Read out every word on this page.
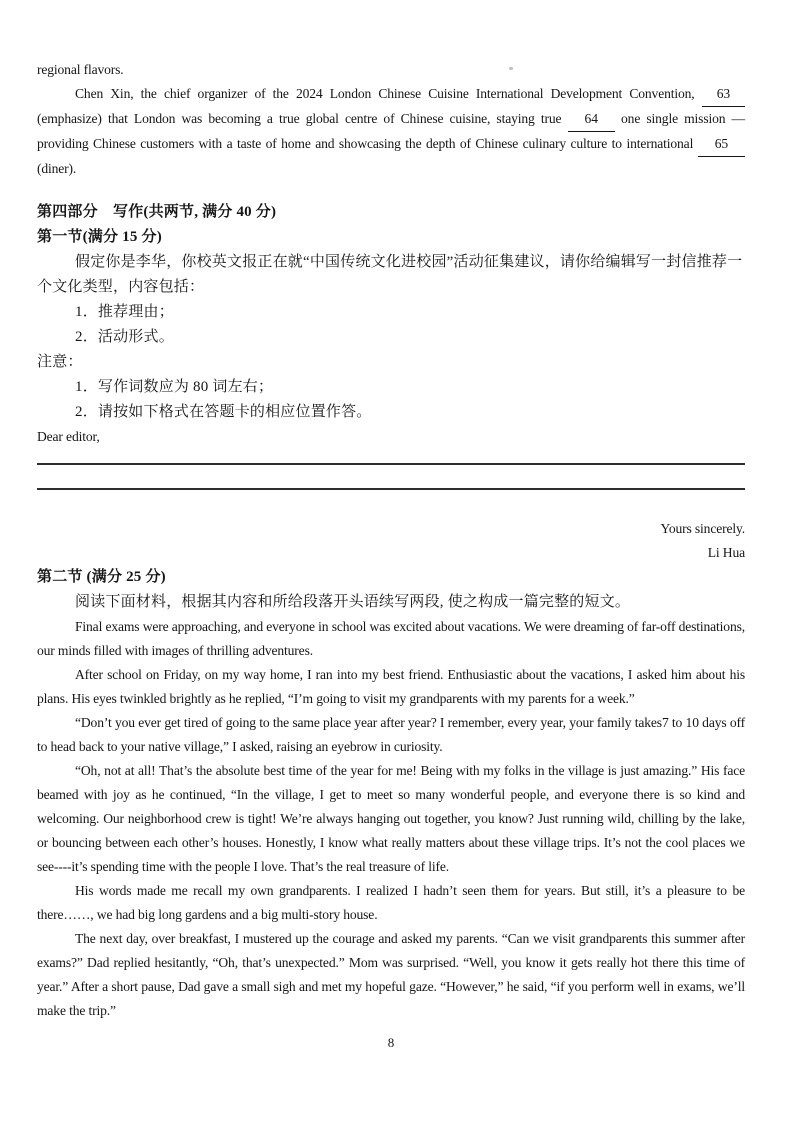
regional flavors.

Chen Xin, the chief organizer of the 2024 London Chinese Cuisine International Development Convention, 63(emphasize) that London was becoming a true global centre of Chinese cuisine, staying true 64 one single mission — providing Chinese customers with a taste of home and showcasing the depth of Chinese culinary culture to international 65(diner).

第四部分　写作(共两节, 满分 40 分)

第一节(满分 15 分)

假定你是李华，你校英文报正在就“中国传统文化进校园”活动征集建议，请你给编辑写一封信推荐一个文化类型，内容包括：

1．推荐理由；

2．活动形式。

注意：

1．写作词数应为 80 词左右；

2．请按如下格式在答题卡的相应位置作答。

Dear editor,

Yours sincerely.

Li Hua

第二节 (满分 25 分)

阅读下面材料，根据其内容和所给段落开头语续写两段, 使之构成一篇完整的短文。

Final exams were approaching, and everyone in school was excited about vacations. We were dreaming of far-off destinations, our minds filled with images of thrilling adventures.

After school on Friday, on my way home, I ran into my best friend. Enthusiastic about the vacations, I asked him about his plans. His eyes twinkled brightly as he replied, “I’m going to visit my grandparents with my parents for a week.”

“Don’t you ever get tired of going to the same place year after year? I remember, every year, your family takes7 to 10 days off to head back to your native village,” I asked, raising an eyebrow in curiosity.

“Oh, not at all! That’s the absolute best time of the year for me! Being with my folks in the village is just amazing.” His face beamed with joy as he continued, “In the village, I get to meet so many wonderful people, and everyone there is so kind and welcoming. Our neighborhood crew is tight! We’re always hanging out together, you know? Just running wild, chilling by the lake, or bouncing between each other’s houses. Honestly, I know what really matters about these village trips. It’s not the cool places we see----it’s spending time with the people I love. That’s the real treasure of life.

His words made me recall my own grandparents. I realized I hadn’t seen them for years. But still, it’s a pleasure to be there……, we had big long gardens and a big multi-story house.

The next day, over breakfast, I mustered up the courage and asked my parents. “Can we visit grandparents this summer after exams?” Dad replied hesitantly, “Oh, that’s unexpected.” Mom was surprised. “Well, you know it gets really hot there this time of year.” After a short pause, Dad gave a small sigh and met my hopeful gaze. “However,” he said, “if you perform well in exams, we’ll make the trip.”

8
